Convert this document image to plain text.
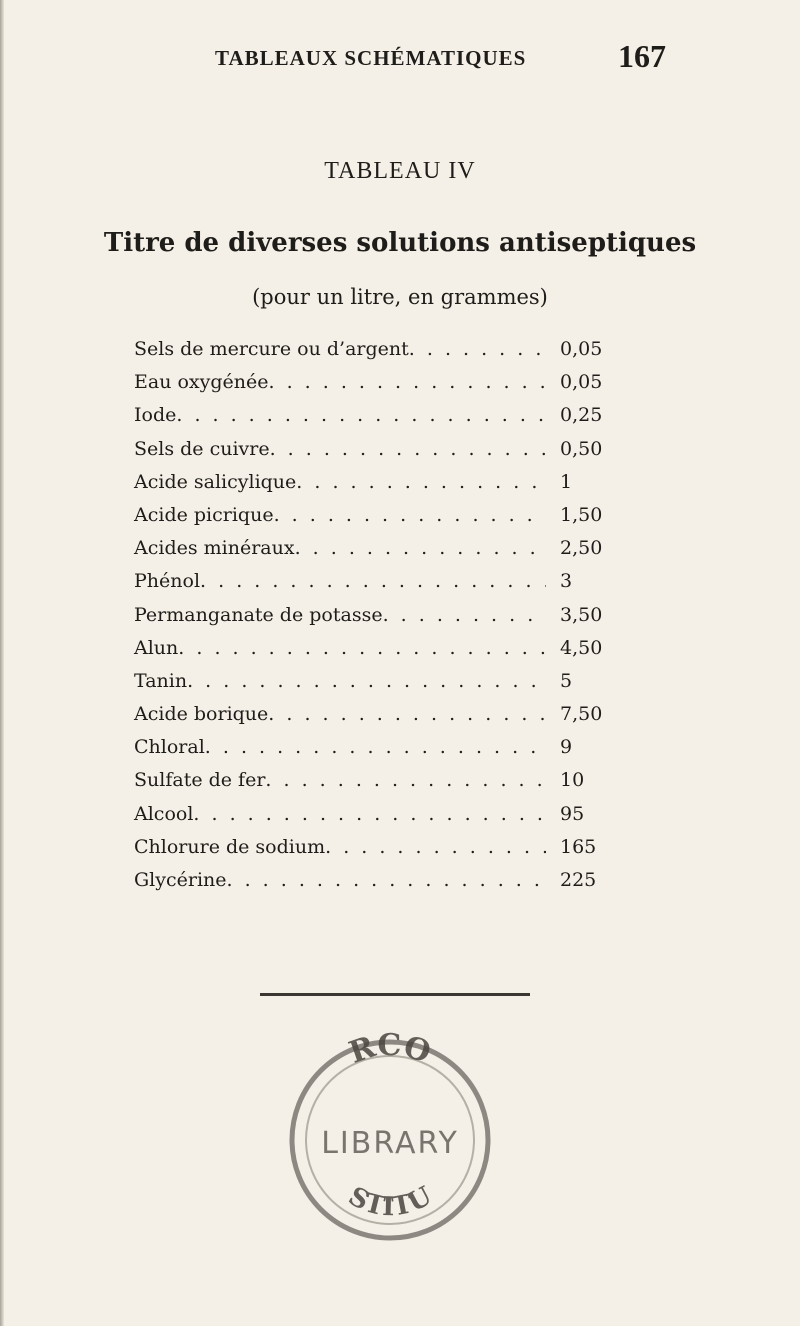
TABLEAUX SCHÉMATIQUES	167
TABLEAU IV
Titre de diverses solutions antiseptiques
(pour un litre, en grammes)
Sels de mercure ou d’argent . . .	0,05
Eau oxygénée . . .	0,05
Iode . . .	0,25
Sels de cuivre . . .	0,50
Acide salicylique . . .	1
Acide picrique . . .	1,50
Acides minéraux . . .	2,50
Phénol . . .	3
Permanganate de potasse . . .	3,50
Alun . . .	4,50
Tanin . . .	5
Acide borique . . .	7,50
Chloral . . .	9
Sulfate de fer . . .	10
Alcool . . .	95
Chlorure de sodium . . .	165
Glycérine . . .	225
RCO
LIBRARY
STITU
